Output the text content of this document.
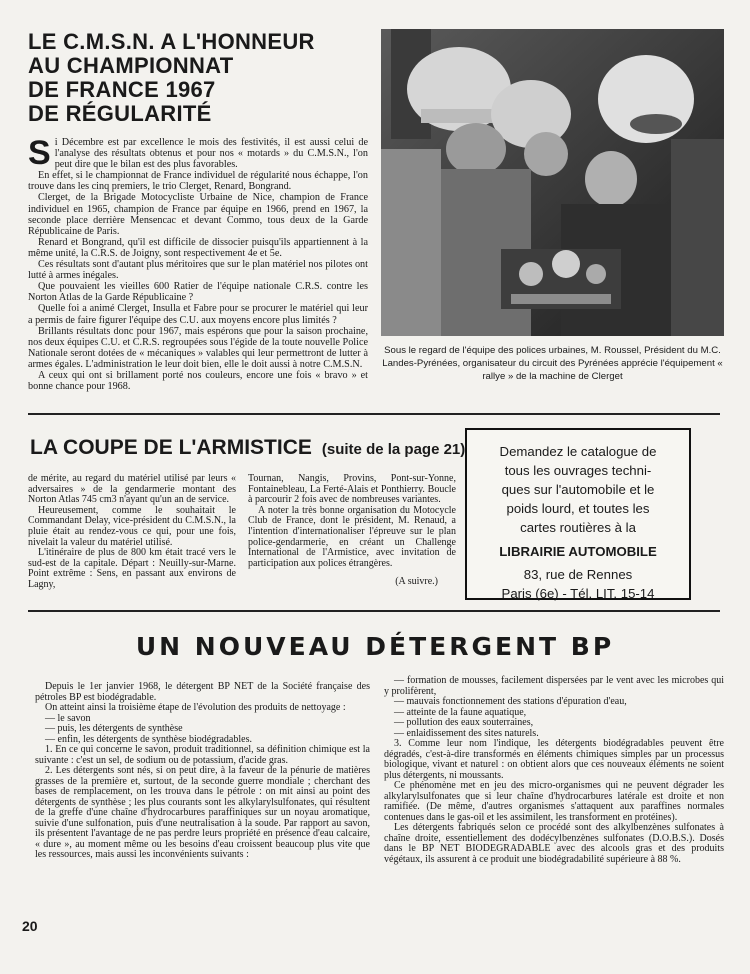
LE C.M.S.N. A L'HONNEUR
AU CHAMPIONNAT
DE FRANCE 1967
DE RÉGULARITÉ
S i Décembre est par excellence le mois des festivités, il est aussi celui de l'analyse des résultats obtenus et pour nos « motards » du C.M.S.N., l'on peut dire que le bilan est des plus favorables.

En effet, si le championnat de France individuel de régularité nous échappe, l'on trouve dans les cinq premiers, le trio Clerget, Renard, Bongrand.

Clerget, de la Brigade Motocycliste Urbaine de Nice, champion de France individuel en 1965, champion de France par équipe en 1966, prend en 1967, la seconde place derrière Mensencac et devant Commo, tous deux de la Garde Républicaine de Paris.

Renard et Bongrand, qu'il est difficile de dissocier puisqu'ils appartiennent à la même unité, la C.R.S. de Joigny, sont respectivement 4e et 5e.

Ces résultats sont d'autant plus méritoires que sur le plan matériel nos pilotes ont lutté à armes inégales.

Que pouvaient les vieilles 600 Ratier de l'équipe nationale C.R.S. contre les Norton Atlas de la Garde Républicaine ?

Quelle foi a animé Clerget, Insulla et Fabre pour se procurer le matériel qui leur a permis de faire figurer l'équipe des C.U. aux moyens encore plus limités ?

Brillants résultats donc pour 1967, mais espérons que pour la saison prochaine, nos deux équipes C.U. et C.R.S. regroupées sous l'égide de la toute nouvelle Police Nationale seront dotées de « mécaniques » valables qui leur permettront de lutter à armes égales. L'administration le leur doit bien, elle le doit aussi à notre C.M.S.N.

A ceux qui ont si brillament porté nos couleurs, encore une fois « bravo » et bonne chance pour 1968.

Sous le regard de l'équipe des polices urbaines, M. Roussel, Président du M.C. Landes-Pyrénées, organisateur du circuit des Pyrénées apprécie l'équipement « rallye » de la machine de Clerget
LA COUPE DE L'ARMISTICE (suite de la page 21)

de mérite, au regard du matériel utilisé par leurs « adversaires » de la gendarmerie montant des Norton Atlas 745 cm3 n'ayant qu'un an de service.

Heureusement, comme le souhaitait le Commandant Delay, vice-président du C.M.S.N., la pluie était au rendez-vous ce qui, pour une fois, nivelait la valeur du matériel utilisé.

L'itinéraire de plus de 800 km était tracé vers le sud-est de la capitale. Départ : Neuilly-sur-Marne. Point extrême : Sens, en passant aux environs de Lagny,

Tournan, Nangis, Provins, Pont-sur-Yonne, Fontainebleau, La Ferté-Alais et Ponthierry. Boucle à parcourir 2 fois avec de nombreuses variantes.

A noter la très bonne organisation du Motocycle Club de France, dont le président, M. Renaud, a l'intention d'internationaliser l'épreuve sur le plan police-gendarmerie, en créant un Challenge International de l'Armistice, avec invitation de participation aux polices étrangères.

(A suivre.)

Demandez le catalogue de
tous les ouvrages techni-
ques sur l'automobile et le
poids lourd, et toutes les
cartes routières à la
LIBRAIRIE AUTOMOBILE
83, rue de Rennes
Paris (6e) - Tél. LIT. 15-14
UN NOUVEAU DÉTERGENT BP

Depuis le 1er janvier 1968, le détergent BP NET de la Société française des pétroles BP est biodégradable.

On atteint ainsi la troisième étape de l'évolution des produits de nettoyage :

— le savon

— puis, les détergents de synthèse

— enfin, les détergents de synthèse biodégradables.

1. En ce qui concerne le savon, produit traditionnel, sa définition chimique est la suivante : c'est un sel, de sodium ou de potassium, d'acide gras.

2. Les détergents sont nés, si on peut dire, à la faveur de la pénurie de matières grasses de la première et, surtout, de la seconde guerre mondiale ; cherchant des bases de remplacement, on les trouva dans le pétrole : on mit ainsi au point des détergents de synthèse ; les plus courants sont les alkylarylsulfonates, qui résultent de la greffe d'une chaîne d'hydrocarbures paraffiniques sur un noyau aromatique, suivie d'une sulfonation, puis d'une neutralisation à la soude. Par rapport au savon, ils présentent l'avantage de ne pas perdre leurs propriété en présence d'eau calcaire, « dure », au moment même ou les besoins d'eau croissent beaucoup plus vite que les ressources, mais aussi les inconvénients suivants :

— formation de mousses, facilement dispersées par le vent avec les microbes qui y prolifèrent,

— mauvais fonctionnement des stations d'épuration d'eau,

— atteinte de la faune aquatique,

— pollution des eaux souterraines,

— enlaidissement des sites naturels.

3. Comme leur nom l'indique, les détergents biodégradables peuvent être dégradés, c'est-à-dire transformés en éléments chimiques simples par un processus biologique, vivant et naturel : on obtient alors que ces nouveaux éléments ne soient plus détergents, ni moussants.

Ce phénomène met en jeu des micro-organismes qui ne peuvent dégrader les alkylarylsulfonates que si leur chaîne d'hydrocarbures latérale est droite et non ramifiée. (De même, d'autres organismes s'attaquent aux paraffines normales contenues dans le gas-oil et les assimilent, les transforment en protéines).

Les détergents fabriqués selon ce procédé sont des alkylbenzènes sulfonates à chaîne droite, essentiellement des dodécylbenzènes sulfonates (D.O.B.S.). Dosés dans le BP NET BIODEGRADABLE avec des alcools gras et des produits végétaux, ils assurent à ce produit une biodégradabilité supérieure à 88 %.

20
